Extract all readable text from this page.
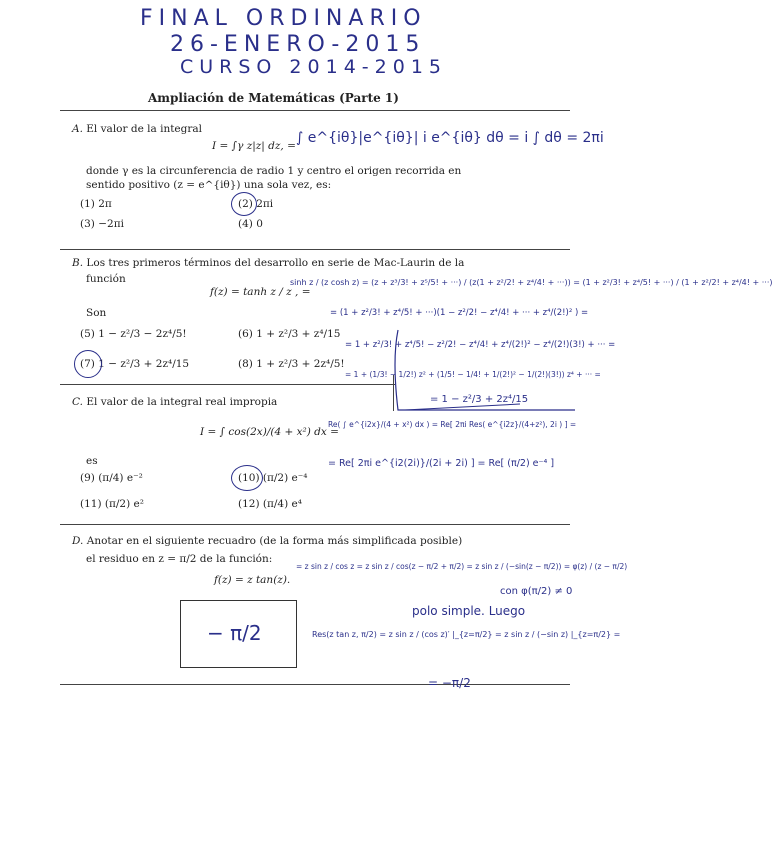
FINAL ORDINARIO
26-ENERO-2015
CURSO 2014-2015
Ampliación de Matemáticas (Parte 1)
A. El valor de la integral
I = ∫γ z|z| dz, = ∫ e^{iθ}|e^{iθ}| i e^{iθ} dθ = i ∫ dθ = 2πi
donde γ es la circunferencia de radio 1 y centro el origen recorrida en
sentido positivo (z = e^{iθ}) una sola vez, es:
(1) 2π	(2) 2πi
(3) −2πi	(4) 0
B. Los tres primeros términos del desarrollo en serie de Mac-Laurin de la
función
f(z) = tanh z / z , =
sinh z / (z cosh z) = (z + z³/3! + z⁵/5! + ···) / (z(1 + z²/2! + z⁴/4! + ···)) = (1 + z²/3! + z⁴/5! + ···) / (1 + z²/2! + z⁴/4! + ···)
Son
(5) 1 − z²/3 − 2z⁴/5!	(6) 1 + z²/3 + z⁴/15
(7) 1 − z²/3 + 2z⁴/15	(8) 1 + z²/3 + 2z⁴/5!
= (1 + z²/3! + z⁴/5! + ···)(1 − z²/2! − z⁴/4! + ··· + z⁴/(2!)² ) =
= 1 + z²/3! + z⁴/5! − z²/2! − z⁴/4! + z⁴/(2!)² − z⁴/(2!)(3!) + ··· =
= 1 + (1/3! − 1/2!) z² + (1/5! − 1/4! + 1/(2!)² − 1/(2!)(3!)) z⁴ + ··· =
= 1 − z²/3 + 2z⁴/15
C. El valor de la integral real impropia
I = ∫ cos(2x)/(4 + x²) dx =
Re( ∫ e^{i2x}/(4 + x²) dx ) = Re[ 2πi Res( e^{i2z}/(4+z²), 2i ) ] =
= Re[ 2πi e^{i2(2i)}/(2i + 2i) ] = Re[ (π/2) e⁻⁴ ]
es
(9) (π/4) e⁻²	(10) (π/2) e⁻⁴
(11) (π/2) e²	(12) (π/4) e⁴
D. Anotar en el siguiente recuadro (de la forma más simplificada posible)
el residuo en z = π/2 de la función:
f(z) = z tan(z).
= z sin z / cos z = z sin z / cos(z − π/2 + π/2) = z sin z / (−sin(z − π/2)) = φ(z) / (z − π/2)
con φ(π/2) ≠ 0
polo simple. Luego
Res(z tan z, π/2) = z sin z / (cos z)′ |_{z=π/2} = z sin z / (−sin z) |_{z=π/2} =
= −π/2
− π/2
